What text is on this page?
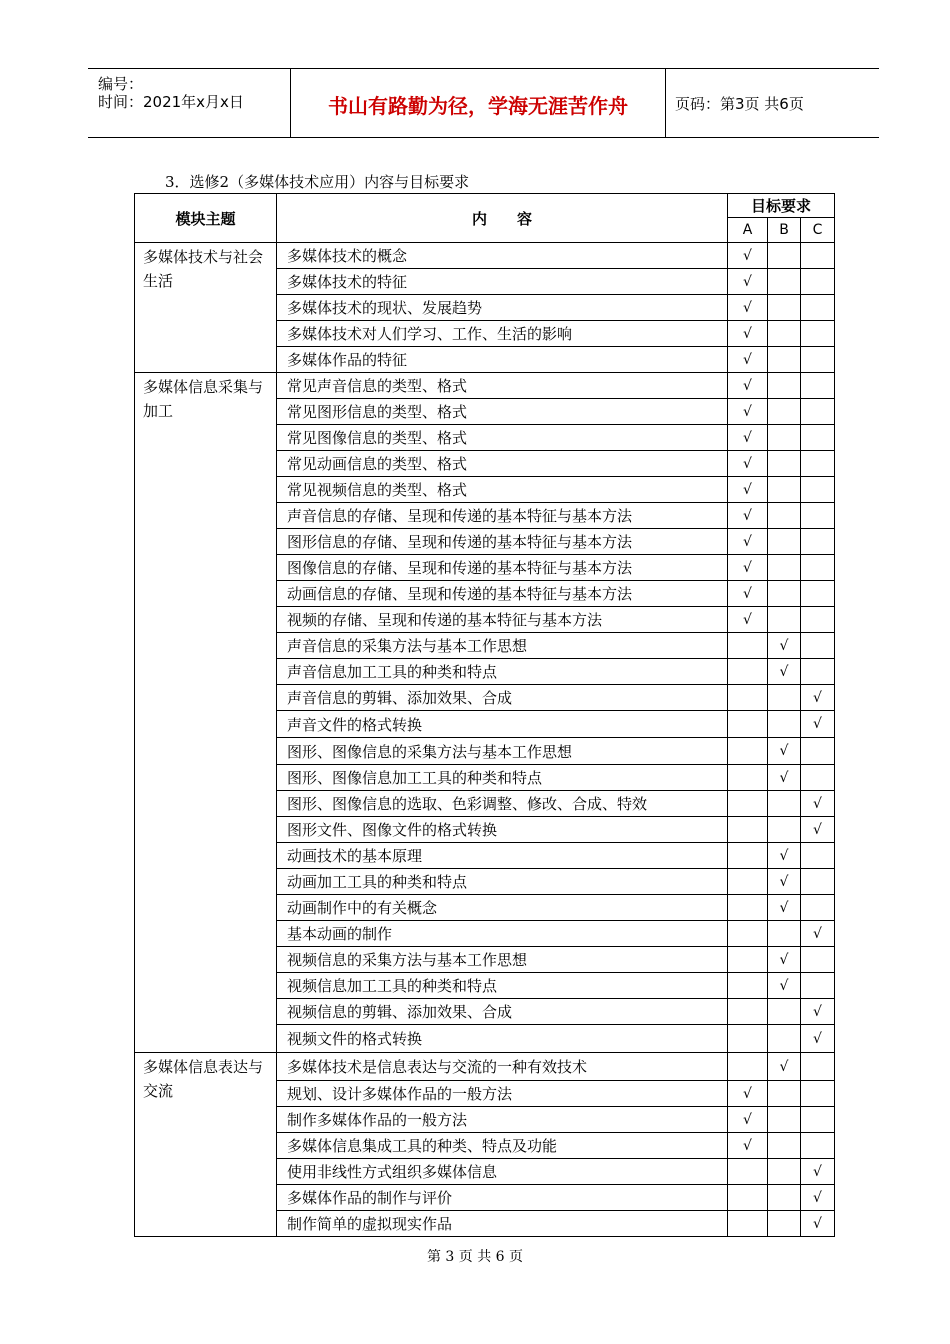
编号：
时间：2021年x月x日	书山有路勤为径，学海无涯苦作舟	页码：第3页 共6页
3．选修2（多媒体技术应用）内容与目标要求
模块主题	内　　容	目标要求		
		A	B	C
多媒体技术与社会生活	多媒体技术的概念	√		
	多媒体技术的特征	√		
	多媒体技术的现状、发展趋势	√		
	多媒体技术对人们学习、工作、生活的影响	√		
	多媒体作品的特征	√		
多媒体信息采集与加工	常见声音信息的类型、格式	√		
	常见图形信息的类型、格式	√		
	常见图像信息的类型、格式	√		
	常见动画信息的类型、格式	√		
	常见视频信息的类型、格式	√		
	声音信息的存储、呈现和传递的基本特征与基本方法	√		
	图形信息的存储、呈现和传递的基本特征与基本方法	√		
	图像信息的存储、呈现和传递的基本特征与基本方法	√		
	动画信息的存储、呈现和传递的基本特征与基本方法	√		
	视频的存储、呈现和传递的基本特征与基本方法	√		
	声音信息的采集方法与基本工作思想		√	
	声音信息加工工具的种类和特点		√	
	声音信息的剪辑、添加效果、合成			√
	声音文件的格式转换			√
	图形、图像信息的采集方法与基本工作思想		√	
	图形、图像信息加工工具的种类和特点		√	
	图形、图像信息的选取、色彩调整、修改、合成、特效			√
	图形文件、图像文件的格式转换			√
	动画技术的基本原理		√	
	动画加工工具的种类和特点		√	
	动画制作中的有关概念		√	
	基本动画的制作			√
	视频信息的采集方法与基本工作思想		√	
	视频信息加工工具的种类和特点		√	
	视频信息的剪辑、添加效果、合成			√
	视频文件的格式转换			√
多媒体信息表达与交流	多媒体技术是信息表达与交流的一种有效技术		√	
	规划、设计多媒体作品的一般方法	√		
	制作多媒体作品的一般方法	√		
	多媒体信息集成工具的种类、特点及功能	√		
	使用非线性方式组织多媒体信息			√
	多媒体作品的制作与评价			√
	制作简单的虚拟现实作品			√
第 3 页 共 6 页
